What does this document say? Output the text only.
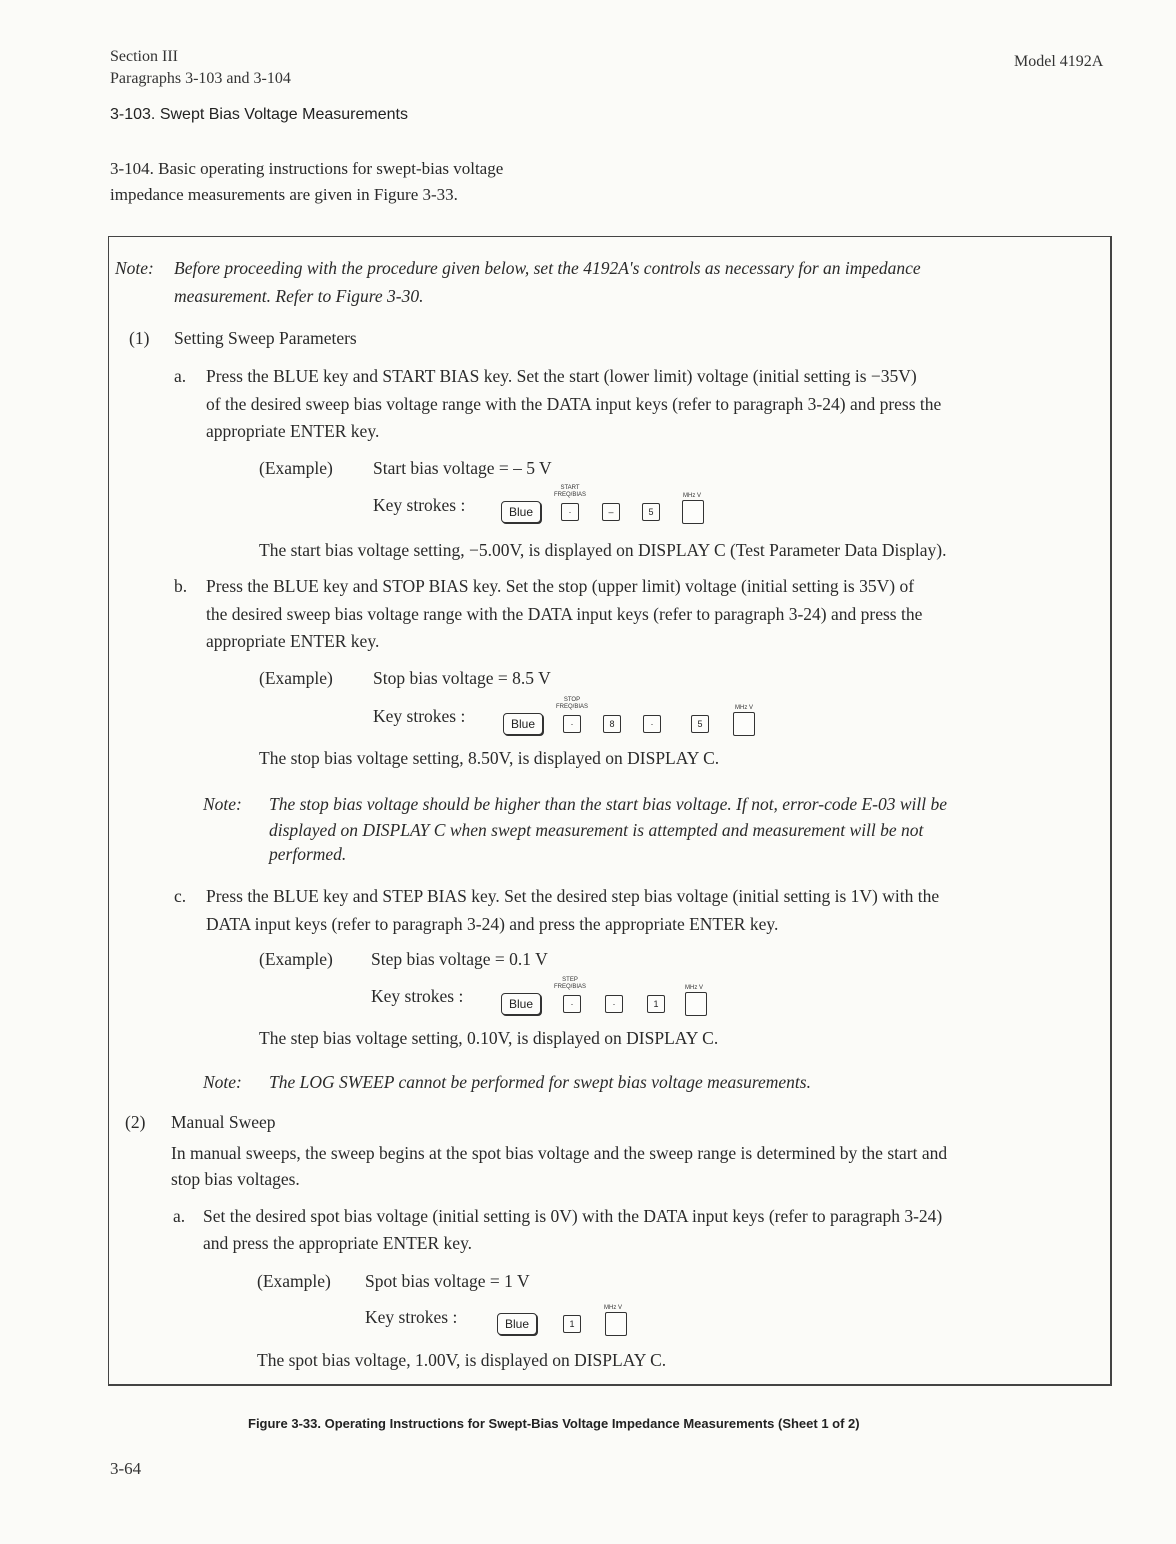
Section III
Paragraphs 3-103 and 3-104
Model 4192A
3-103. Swept Bias Voltage Measurements
3-104. Basic operating instructions for swept-bias voltage
impedance measurements are given in Figure 3-33.
Note: Before proceeding with the procedure given below, set the 4192A's controls as necessary for an impedance
measurement. Refer to Figure 3-30.
(1) Setting Sweep Parameters
a. Press the BLUE key and START BIAS key. Set the start (lower limit) voltage (initial setting is −35V)
of the desired sweep bias voltage range with the DATA input keys (refer to paragraph 3-24) and press the
appropriate ENTER key.
(Example) Start bias voltage = – 5 V
Key strokes :
START
FREQ/BIAS	MHz V
Blue	·	–	5
The start bias voltage setting, −5.00V, is displayed on DISPLAY C (Test Parameter Data Display).
b. Press the BLUE key and STOP BIAS key. Set the stop (upper limit) voltage (initial setting is 35V) of
the desired sweep bias voltage range with the DATA input keys (refer to paragraph 3-24) and press the
appropriate ENTER key.
(Example) Stop bias voltage = 8.5 V
Key strokes :
STOP
FREQ/BIAS	MHz V
Blue	·	8	·	5
The stop bias voltage setting, 8.50V, is displayed on DISPLAY C.
Note: The stop bias voltage should be higher than the start bias voltage. If not, error-code E-03 will be
displayed on DISPLAY C when swept measurement is attempted and measurement will be not
performed.
c. Press the BLUE key and STEP BIAS key. Set the desired step bias voltage (initial setting is 1V) with the
DATA input keys (refer to paragraph 3-24) and press the appropriate ENTER key.
(Example) Step bias voltage = 0.1 V
Key strokes :
STEP
FREQ/BIAS	MHz V
Blue	·	·	1
The step bias voltage setting, 0.10V, is displayed on DISPLAY C.
Note: The LOG SWEEP cannot be performed for swept bias voltage measurements.
(2) Manual Sweep
In manual sweeps, the sweep begins at the spot bias voltage and the sweep range is determined by the start and
stop bias voltages.
a. Set the desired spot bias voltage (initial setting is 0V) with the DATA input keys (refer to paragraph 3-24)
and press the appropriate ENTER key.
(Example) Spot bias voltage = 1 V
Key strokes :	MHz V
Blue	1
The spot bias voltage, 1.00V, is displayed on DISPLAY C.
Figure 3-33. Operating Instructions for Swept-Bias Voltage Impedance Measurements (Sheet 1 of 2)
3-64
